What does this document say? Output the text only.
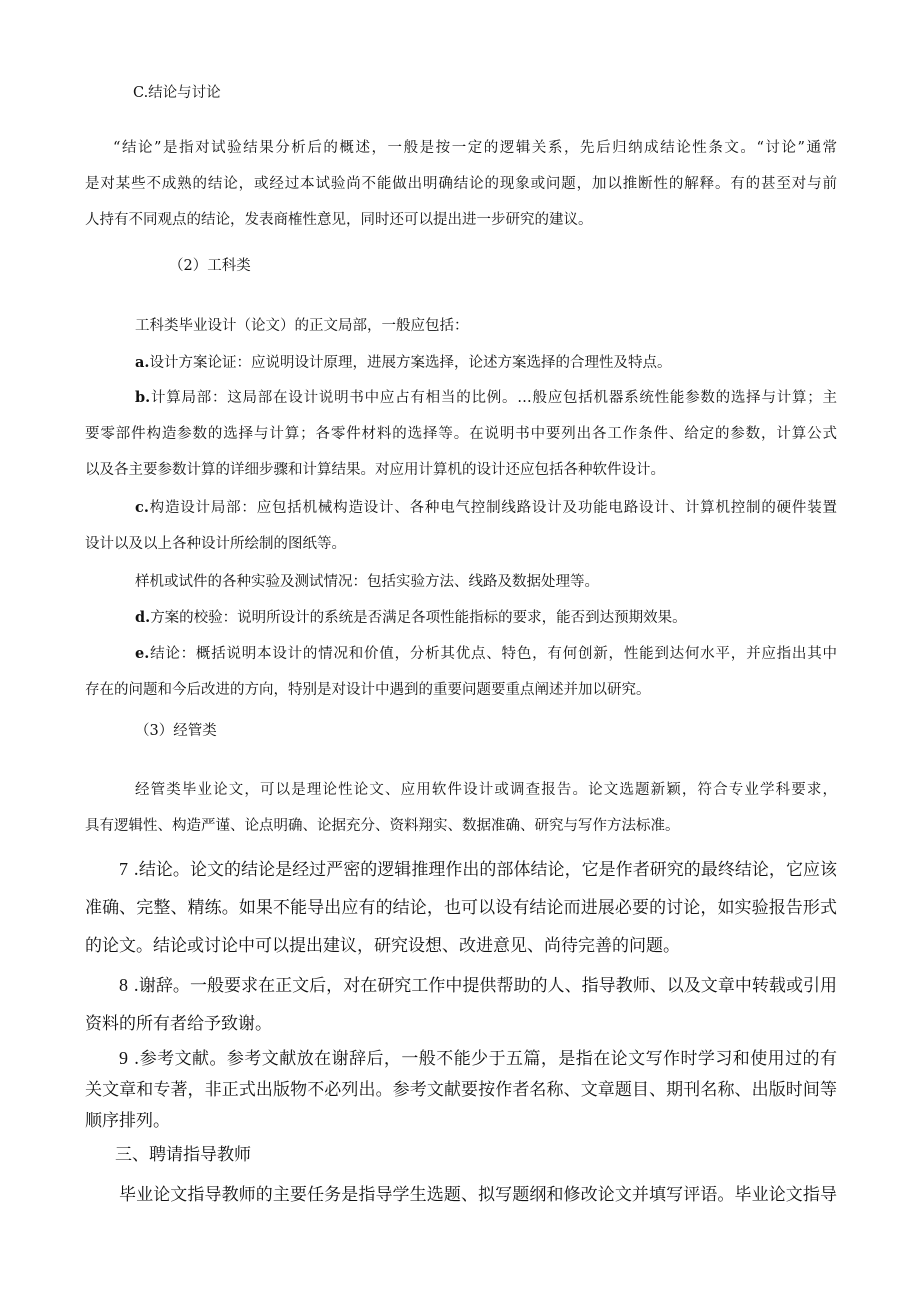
C.结论与讨论
“结论”是指对试验结果分析后的概述，一般是按一定的逻辑关系，先后归纳成结论性条文。“讨论”通常
是对某些不成熟的结论，或经过本试验尚不能做出明确结论的现象或问题，加以推断性的解释。有的甚至对与前
人持有不同观点的结论，发表商榷性意见，同时还可以提出进一步研究的建议。
（2）工科类
工科类毕业设计（论文）的正文局部，一般应包括：
a.设计方案论证：应说明设计原理，进展方案选择，论述方案选择的合理性及特点。
b.计算局部：这局部在设计说明书中应占有相当的比例。…般应包括机器系统性能参数的选择与计算；主
要零部件构造参数的选择与计算；各零件材料的选择等。在说明书中要列出各工作条件、给定的参数，计算公式
以及各主要参数计算的详细步骤和计算结果。对应用计算机的设计还应包括各种软件设计。
c.构造设计局部：应包括机械构造设计、各种电气控制线路设计及功能电路设计、计算机控制的硬件装置
设计以及以上各种设计所绘制的图纸等。
样机或试件的各种实验及测试情况：包括实验方法、线路及数据处理等。
d.方案的校验：说明所设计的系统是否满足各项性能指标的要求，能否到达预期效果。
e.结论：概括说明本设计的情况和价值，分析其优点、特色，有何创新，性能到达何水平，并应指出其中
存在的问题和今后改进的方向，特别是对设计中遇到的重要问题要重点阐述并加以研究。
（3）经管类
经管类毕业论文，可以是理论性论文、应用软件设计或调查报告。论文选题新颖，符合专业学科要求，
具有逻辑性、构造严谨、论点明确、论据充分、资料翔实、数据准确、研究与写作方法标准。
7 .结论。论文的结论是经过严密的逻辑推理作出的部体结论，它是作者研究的最终结论，它应该
准确、完整、精练。如果不能导出应有的结论，也可以设有结论而进展必要的讨论，如实验报告形式
的论文。结论或讨论中可以提出建议，研究设想、改进意见、尚待完善的问题。
8 .谢辞。一般要求在正文后，对在研究工作中提供帮助的人、指导教师、以及文章中转载或引用
资料的所有者给予致谢。
9 .参考文献。参考文献放在谢辞后，一般不能少于五篇，是指在论文写作时学习和使用过的有
关文章和专著，非正式出版物不必列出。参考文献要按作者名称、文章题目、期刊名称、出版时间等
顺序排列。
三、聘请指导教师
毕业论文指导教师的主要任务是指导学生选题、拟写题纲和修改论文并填写评语。毕业论文指导
